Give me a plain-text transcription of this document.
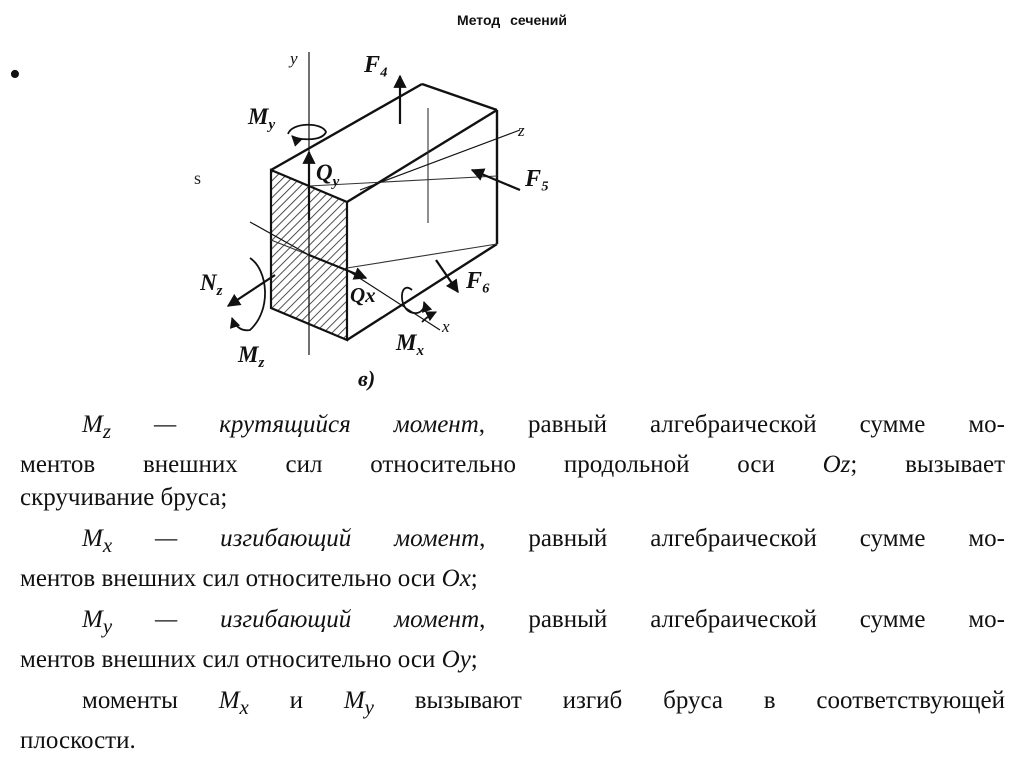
Метод сечений
•
s
y
z
x
F₄
F₅
F₆
$M_y$
$Q_y$
$N_z$	Qx
$M_x$
$M_z$
в)

$M_z$ — крутящийся момент, равный алгебраической сумме мо-
ментов внешних сил относительно продольной оси Oz; вызывает
скручивание бруса;

$M_x$ — изгибающий момент, равный алгебраической сумме мо-
ментов внешних сил относительно оси Ox;

$M_y$ — изгибающий момент, равный алгебраической сумме мо-
ментов внешних сил относительно оси Oy;

моменты $M_x$ и $M_y$ вызывают изгиб бруса в соответствующей
плоскости.
